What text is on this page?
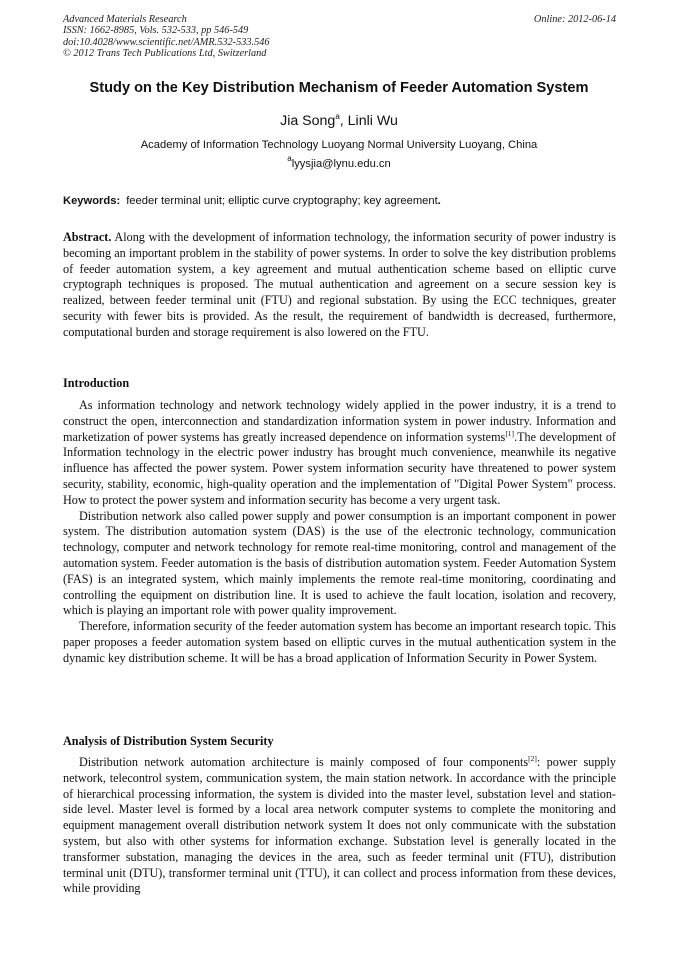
Advanced Materials Research
ISSN: 1662-8985, Vols. 532-533, pp 546-549
doi:10.4028/www.scientific.net/AMR.532-533.546
© 2012 Trans Tech Publications Ltd, Switzerland
Online: 2012-06-14
Study on the Key Distribution Mechanism of Feeder Automation System
Jia Song$^a$, Linli Wu
Academy of Information Technology Luoyang Normal University Luoyang, China
$^a$lyysjia@lynu.edu.cn
Keywords: feeder terminal unit; elliptic curve cryptography; key agreement.

Abstract. Along with the development of information technology, the information security of power industry is becoming an important problem in the stability of power systems. In order to solve the key distribution problems of feeder automation system, a key agreement and mutual authentication scheme based on elliptic curve cryptograph techniques is proposed. The mutual authentication and agreement on a secure session key is realized, between feeder terminal unit (FTU) and regional substation. By using the ECC techniques, greater security with fewer bits is provided. As the result, the requirement of bandwidth is decreased, furthermore, computational burden and storage requirement is also lowered on the FTU.

Introduction

As information technology and network technology widely applied in the power industry, it is a trend to construct the open, interconnection and standardization information system in power industry. Information and marketization of power systems has greatly increased dependence on information systems[1].The development of Information technology in the electric power industry has brought much convenience, meanwhile its negative influence has affected the power system. Power system information security have threatened to power system security, stability, economic, high-quality operation and the implementation of "Digital Power System" process. How to protect the power system and information security has become a very urgent task.

Distribution network also called power supply and power consumption is an important component in power system. The distribution automation system (DAS) is the use of the electronic technology, communication technology, computer and network technology for remote real-time monitoring, control and management of the automation system. Feeder automation is the basis of distribution automation system. Feeder Automation System (FAS) is an integrated system, which mainly implements the remote real-time monitoring, coordinating and controlling the equipment on distribution line. It is used to achieve the fault location, isolation and recovery, which is playing an important role with power quality improvement.

Therefore, information security of the feeder automation system has become an important research topic. This paper proposes a feeder automation system based on elliptic curves in the mutual authentication system in the dynamic key distribution scheme. It will be has a broad application of Information Security in Power System.

Analysis of Distribution System Security

Distribution network automation architecture is mainly composed of four components[2]: power supply network, telecontrol system, communication system, the main station network. In accordance with the principle of hierarchical processing information, the system is divided into the master level, substation level and station-side level. Master level is formed by a local area network computer systems to complete the monitoring and equipment management overall distribution network system It does not only communicate with the substation system, but also with other systems for information exchange. Substation level is generally located in the transformer substation, managing the devices in the area, such as feeder terminal unit (FTU), distribution terminal unit (DTU), transformer terminal unit (TTU), it can collect and process information from these devices, while providing
